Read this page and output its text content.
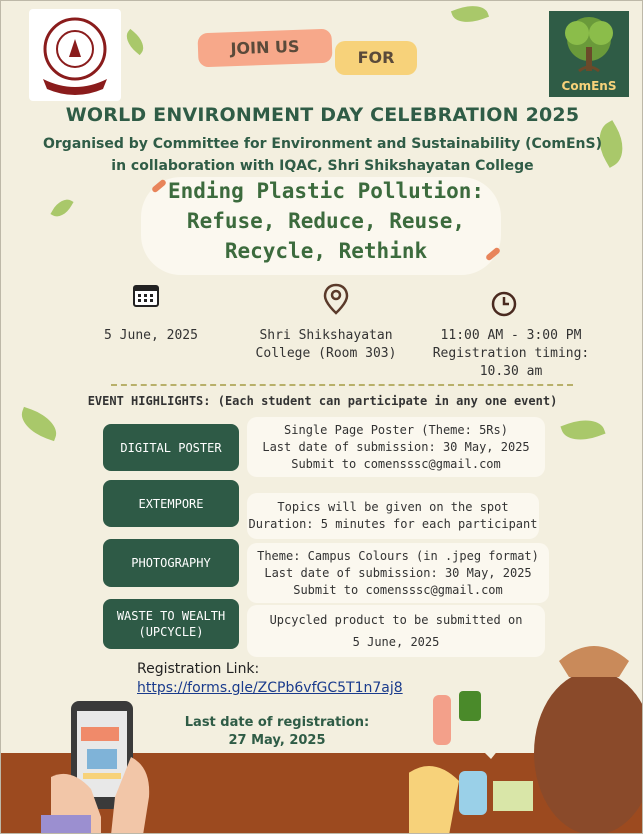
ComEnS
JOIN US	FOR
WORLD ENVIRONMENT DAY CELEBRATION 2025
Organised by Committee for Environment and Sustainability (ComEnS)
in collaboration with IQAC, Shri Shikshayatan College
Ending Plastic Pollution:
Refuse, Reduce, Reuse,
Recycle, Rethink
5 June, 2025	Shri Shikshayatan
College (Room 303)
11:00 AM - 3:00 PM
Registration timing:
10.30 am
EVENT HIGHLIGHTS: (Each student can participate in any one event)
DIGITAL POSTER
Single Page Poster (Theme: 5Rs)
Last date of submission: 30 May, 2025
Submit to comensssc@gmail.com
EXTEMPORE	Topics will be given on the spot
Duration: 5 minutes for each participant
PHOTOGRAPHY
Theme: Campus Colours (in .jpeg format)
Last date of submission: 30 May, 2025
Submit to comensssc@gmail.com
WASTE TO WEALTH
(UPCYCLE)
Upcycled product to be submitted on
5 June, 2025
Registration Link:
https://forms.gle/ZCPb6vfGC5T1n7aj8
Last date of registration:
27 May, 2025
